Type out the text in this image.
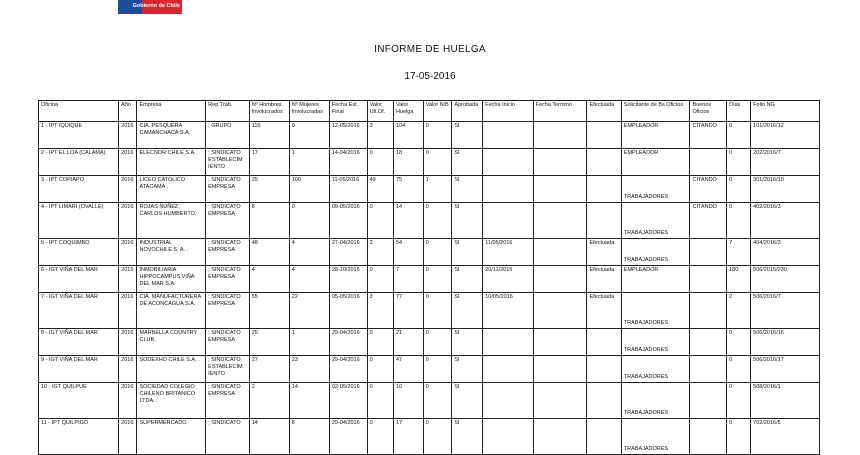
Gobierno de Chile
INFORME DE HUELGA
17-05-2016
Oficina	Año	Empresa	Rep.Trab.	Nº Hombres Involucrados	Nº Mujeres Involucradas	Fecha Est. Final	Valor Ult.Of.	Valor Huelga	Valor N/B	Aprobada	Fecha Inicio	Fecha Termino	Efectuada	Solicitante de Bs.Oficios	Buenos Oficios	Días	Folio NG
1 - IPT IQUIQUE	2016	CIA. PESQUERA CAMANCHACA S.A.	; GRUPO	116	0	12-05/2016	3	104	0	SI				EMPLEADOR	CITANDO	0	101/2016/12
2 - IPT EL LOA (CALAMA)	2016	ELECNOR CHILE S.A.	; SINDICATO ESTABLECIM IENTO	17	1	14-04/2016	0	18	0	SI				EMPLEADOR		0	202/2016/7
3 - IPT COPIAPO	2016	LICEO CATOLICO ATACAMA .	; SINDICATO EMPRESA	25	100	11-05/2016	49	75	1	SI				TRABAJADORES	CITANDO	0	301/2016/10
4 - IPT LIMARI (OVALLE)	2016	ROJAS NUÑEZ, CARLOS HUMBERTO.	; SINDICATO EMPRESA	8	0	09-05/2016	0	14	0	SI				TRABAJADORES	CITANDO	0	402/2016/3
5 - IPT COQUIMBO	2016	INDUSTRIAL NOVOCHILE S. A. .	; SINDICATO EMPRESA	48	4	27-04/2016	3	54	0	SI	11/05/2016		Efectuada	TRABAJADORES		7	404/2016/3
6 - IGT VIÑA DEL MAR	2015	INMOBILIARIA HIPPOCAMPUS VIÑA DEL MAR S.A.	; SINDICATO EMPRESA	4	4	28-10/2015	0	7	0	SI	20/11/2015		Efectuada	EMPLEADOR		180	506/2015/230
7 - IGT VIÑA DEL MAR	2016	CIA. MANUFACTURERA DE ACONCAGUA S.A.	; SINDICATO EMPRESA	55	22	05-05/2016	3	77	0	SI	10/05/2016		Efectuada	TRABAJADORES		2	506/2016/7
8 - IGT VIÑA DEL MAR	2016	MARBELLA COUNTRY CLUB.	; SINDICATO EMPRESA	25	1	29-04/2016	0	21	0	SI				TRABAJADORES		0	506/2016/16
9 - IGT VIÑA DEL MAR	2016	SODEXHO CHILE S.A. .	; SINDICATO ESTABLECIM IENTO	27	23	29-04/2016	0	47	0	SI				TRABAJADORES		0	506/2016/17
10 - IGT QUILPUE	2016	SOCIEDAD COLEGIO CHILENO BRITANICO LTDA. .	; SINDICATO EMPRESA	2	14	02-05/2016	0	10	0	SI				TRABAJADORES		0	508/2016/1
11 - IPT QUILPIGO	2016	SUPERMERCADO	; SINDICATO	14	8	29-04/2016	0	17	0	SI				TRABAJADORES		0	702/2016/5
